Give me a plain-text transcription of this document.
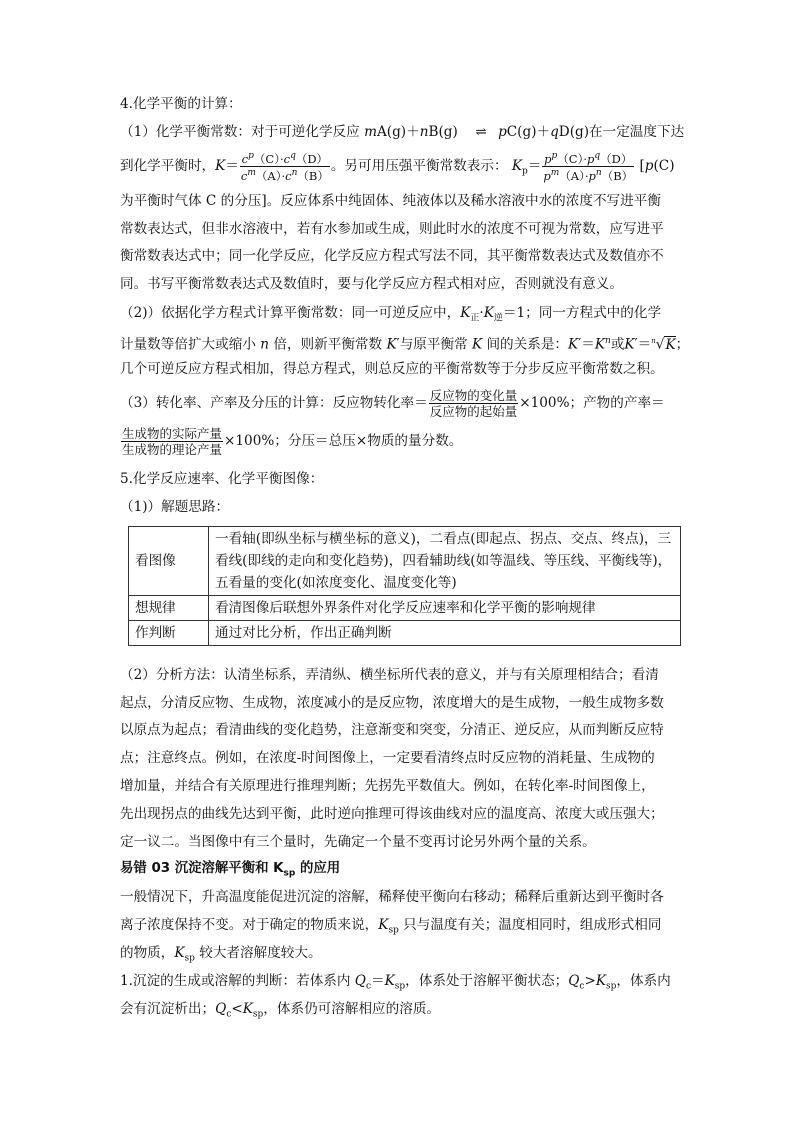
4.化学平衡的计算：
（1）化学平衡常数：对于可逆化学反应 mA(g)＋nB(g) ⇌ pC(g)＋qD(g)在一定温度下达
到化学平衡时，$K= \frac{c^p(C)\cdot c^q(D)}{c^m(A)\cdot c^n(B)}$ 。另可用压强平衡常数表示： $K_p= \frac{p^p(C)\cdot p^q(D)}{p^m(A)\cdot p^n(B)} [p(C)$
为平衡时气体 C 的分压]。反应体系中纯固体、纯液体以及稀水溶液中水的浓度不写进平衡
常数表达式，但非水溶液中，若有水参加或生成，则此时水的浓度不可视为常数，应写进平
衡常数表达式中；同一化学反应，化学反应方程式写法不同，其平衡常数表达式及数值亦不
同。书写平衡常数表达式及数值时，要与化学反应方程式相对应，否则就没有意义。
（2)）依据化学方程式计算平衡常数：同一可逆反应中，$K_正\cdot K_逆=1$；同一方程式中的化学
计量数等倍扩大或缩小 n 倍，则新平衡常数 K′与原平衡常 K 间的关系是：$K'=K^n$或K′＝$^n$√K；
几个可逆反应方程式相加，得总方程式，则总反应的平衡常数等于分步反应平衡常数之积。
（3）转化率、产率及分压的计算：反应物转化率＝ $\frac{\text{反应物的变化量}}{\text{反应物的起始量}} \times 100\%$；产物的产率＝
$\frac{\text{生成物的实际产量}}{\text{生成物的理论产量}} \times 100\%$；分压＝总压×物质的量分数。
5.化学反应速率、化学平衡图像：
（1)）解题思路：
看图像	一看轴(即纵坐标与横坐标的意义)，二看点(即起点、拐点、交点、终点)，三
看线(即线的走向和变化趋势)，四看辅助线(如等温线、等压线、平衡线等)，
五看量的变化(如浓度变化、温度变化等)

想规律	看清图像后联想外界条件对化学反应速率和化学平衡的影响规律
作判断	通过对比分析，作出正确判断
（2）分析方法：认清坐标系，弄清纵、横坐标所代表的意义，并与有关原理相结合；看清
起点，分清反应物、生成物，浓度减小的是反应物，浓度增大的是生成物，一般生成物多数
以原点为起点；看清曲线的变化趋势，注意渐变和突变，分清正、逆反应，从而判断反应特
点；注意终点。例如，在浓度-时间图像上，一定要看清终点时反应物的消耗量、生成物的
增加量，并结合有关原理进行推理判断；先拐先平数值大。例如，在转化率-时间图像上，
先出现拐点的曲线先达到平衡，此时逆向推理可得该曲线对应的温度高、浓度大或压强大；
定一议二。当图像中有三个量时，先确定一个量不变再讨论另外两个量的关系。
易错 03 沉淀溶解平衡和 $K_{sp}$ 的应用
一般情况下，升高温度能促进沉淀的溶解，稀释使平衡向右移动；稀释后重新达到平衡时各
离子浓度保持不变。对于确定的物质来说，$K_{sp}$ 只与温度有关；温度相同时，组成形式相同
的物质，$K_{sp}$ 较大者溶解度较大。
1.沉淀的生成或溶解的判断：若体系内 $Q_c=K_{sp}$，体系处于溶解平衡状态；$Q_c>K_{sp}$，体系内
会有沉淀析出；$Q_c<K_{sp}$，体系仍可溶解相应的溶质。
